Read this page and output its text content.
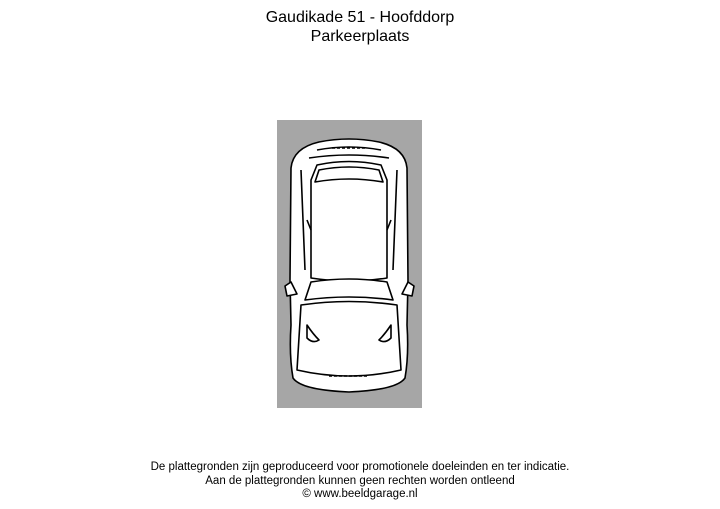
Gaudikade 51 - Hoofddorp
Parkeerplaats
De plattegronden zijn geproduceerd voor promotionele doeleinden en ter indicatie.
Aan de plattegronden kunnen geen rechten worden ontleend
© www.beeldgarage.nl
